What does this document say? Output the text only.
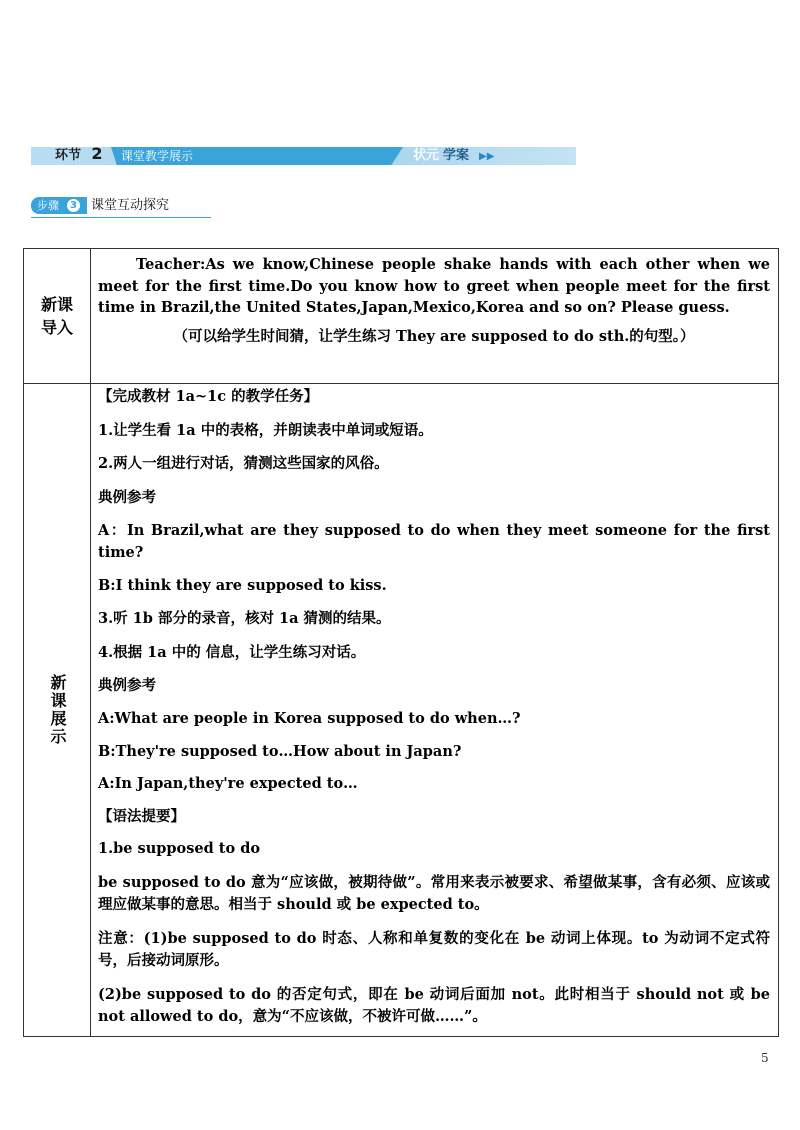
环节 2 课堂教学展示	状元 学案 ▶▶
步骤	3 课堂互动探究
新课导入

Teacher:As we know,Chinese people shake hands with each other when we meet for the first time.Do you know how to greet when people meet for the first time in Brazil,the United States,Japan,Mexico,Korea and so on? Please guess.

（可以给学生时间猜，让学生练习 They are supposed to do sth.的句型。）

新课展示

【完成教材 1a~1c 的教学任务】

1.让学生看 1a 中的表格，并朗读表中单词或短语。

2.两人一组进行对话，猜测这些国家的风俗。

典例参考

A：In Brazil,what are they supposed to do when they meet someone for the first time?

B:I think they are supposed to kiss.

3.听 1b 部分的录音，核对 1a 猜测的结果。

4.根据 1a 中的 信息，让学生练习对话。

典例参考

A:What are people in Korea supposed to do when…?

B:They're supposed to…How about in Japan?

A:In Japan,they're expected to…

【语法提要】

1.be supposed to do

be supposed to do 意为“应该做，被期待做”。常用来表示被要求、希望做某事，含有必须、应该或理应做某事的意思。相当于 should 或 be expected to。

注意：(1)be supposed to do 时态、人称和单复数的变化在 be 动词上体现。to 为动词不定式符号，后接动词原形。

(2)be supposed to do 的否定句式，即在 be 动词后面加 not。此时相当于 should not 或 be not allowed to do，意为“不应该做，不被许可做……”。

5
